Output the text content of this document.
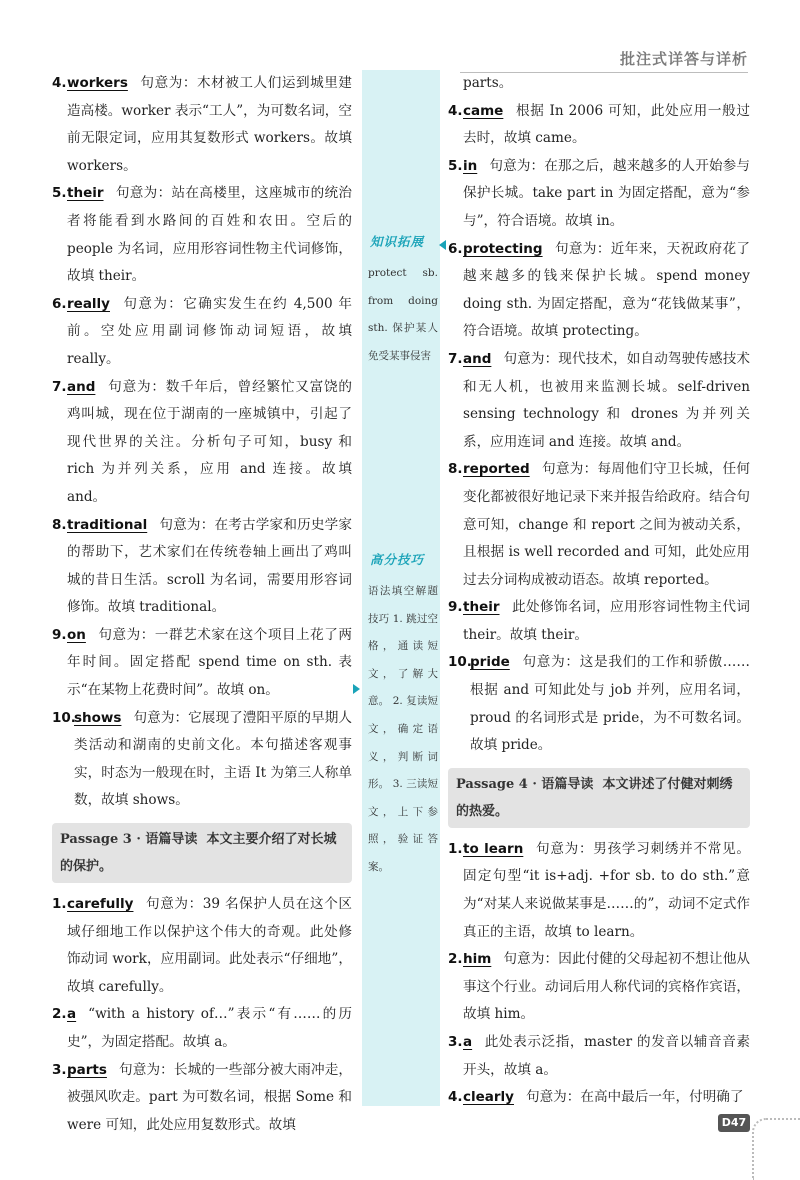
批注式详答与详析
4. workers 句意为：木材被工人们运到城里建造高楼。worker 表示“工人”，为可数名词，空前无限定词，应用其复数形式 workers。故填 workers。
5. their 句意为：站在高楼里，这座城市的统治者将能看到水路间的百姓和农田。空后的 people 为名词，应用形容词性物主代词修饰，故填 their。
6. really 句意为：它确实发生在约 4,500 年前。空处应用副词修饰动词短语，故填 really。
7. and 句意为：数千年后，曾经繁忙又富饶的鸡叫城，现在位于湖南的一座城镇中，引起了现代世界的关注。分析句子可知，busy 和 rich 为并列关系，应用 and 连接。故填 and。
8. traditional 句意为：在考古学家和历史学家的帮助下，艺术家们在传统卷轴上画出了鸡叫城的昔日生活。scroll 为名词，需要用形容词修饰。故填 traditional。
9. on 句意为：一群艺术家在这个项目上花了两年时间。固定搭配 spend time on sth. 表示“在某物上花费时间”。故填 on。
10.
shows 句意为：它展现了澧阳平原的早期人类活动和湖南的史前文化。本句描述客观事实，时态为一般现在时，主语 It 为第三人称单数，故填 shows。
Passage 3 · 语篇导读 本文主要介绍了对长城的保护。
1. carefully 句意为：39 名保护人员在这个区域仔细地工作以保护这个伟大的奇观。此处修饰动词 work，应用副词。此处表示“仔细地”，故填 carefully。
2. a “with a history of…”表示“有……的历史”，为固定搭配。故填 a。
3. parts 句意为：长城的一些部分被大雨冲走，被强风吹走。part 为可数名词，根据 Some 和 were 可知，此处应用复数形式。故填
知识拓展
protect sb. from doing sth. 保护某人免受某事侵害
高分技巧
语法填空解题技巧 1. 跳过空格，通读短文，了解大意。 2. 复读短文，确定语义，判断词形。 3. 三读短文，上下参照，验证答案。
parts。
4. came 根据 In 2006 可知，此处应用一般过去时，故填 came。
5. in 句意为：在那之后，越来越多的人开始参与保护长城。take part in 为固定搭配，意为“参与”，符合语境。故填 in。
6. protecting 句意为：近年来，天祝政府花了越来越多的钱来保护长城。spend money doing sth. 为固定搭配，意为“花钱做某事”，符合语境。故填 protecting。
7. and 句意为：现代技术，如自动驾驶传感技术和无人机，也被用来监测长城。self-driven sensing technology 和 drones 为并列关系，应用连词 and 连接。故填 and。
8. reported 句意为：每周他们守卫长城，任何变化都被很好地记录下来并报告给政府。结合句意可知，change 和 report 之间为被动关系，且根据 is well recorded and 可知，此处应用过去分词构成被动语态。故填 reported。
9. their 此处修饰名词，应用形容词性物主代词 their。故填 their。
10.
pride 句意为：这是我们的工作和骄傲…… 根据 and 可知此处与 job 并列，应用名词，proud 的名词形式是 pride，为不可数名词。故填 pride。
Passage 4 · 语篇导读 本文讲述了付健对刺绣的热爱。
1. to learn 句意为：男孩学习刺绣并不常见。固定句型“it is+adj. +for sb. to do sth.”意为“对某人来说做某事是……的”，动词不定式作真正的主语，故填 to learn。
2. him 句意为：因此付健的父母起初不想让他从事这个行业。动词后用人称代词的宾格作宾语，故填 him。
3. a 此处表示泛指，master 的发音以辅音音素开头，故填 a。
4. clearly 句意为：在高中最后一年，付明确了
D47
